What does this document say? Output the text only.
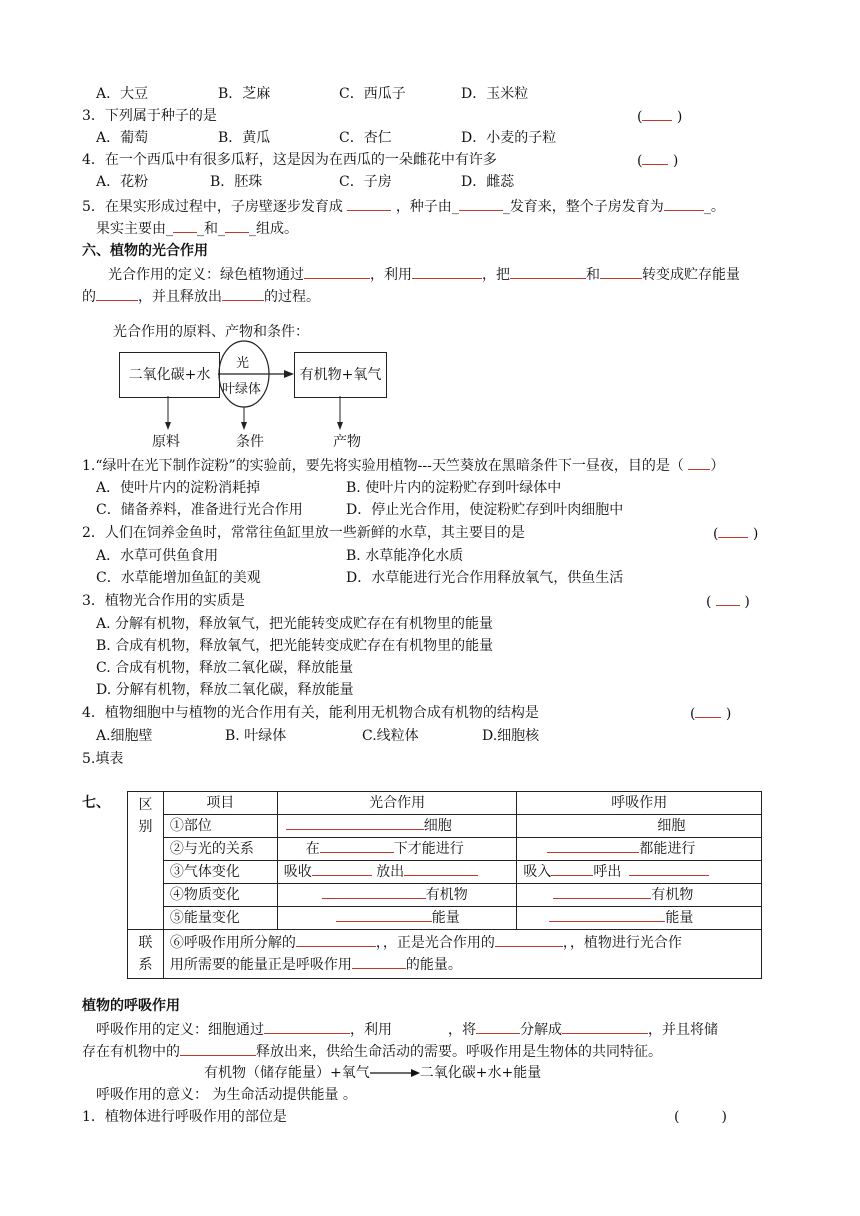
A．大豆	B．芝麻	C．西瓜子	D．玉米粒
3．下列属于种子的是	( )
A．葡萄	B．黄瓜	C．杏仁	D．小麦的子粒
4．在一个西瓜中有很多瓜籽，这是因为在西瓜的一朵雌花中有许多	( )
A．花粉	B．胚珠	C．子房	D．雌蕊
5．在果实形成过程中，子房壁逐步发育成	，种子由_	_发育来，整个子房发育为	_。
果实主要由_ _和_ _组成。
六、植物的光合作用
光合作用的定义：绿色植物通过	，利用	，把	和	转变成贮存能量
的	，并且释放出	的过程。
光合作用的原料、产物和条件：
二氧化碳+水	有机物+氧气
光
叶绿体
原料	条件	产物
1.“绿叶在光下制作淀粉”的实验前，要先将实验用植物---天竺葵放在黑暗条件下一昼夜，目的是（ ）
A．使叶片内的淀粉消耗掉	B. 使叶片内的淀粉贮存到叶绿体中
C．储备养料，准备进行光合作用	D．停止光合作用，使淀粉贮存到叶肉细胞中
2．人们在饲养金鱼时，常常往鱼缸里放一些新鲜的水草，其主要目的是	( )
A．水草可供鱼食用	B. 水草能净化水质
C．水草能增加鱼缸的美观	D．水草能进行光合作用释放氧气，供鱼生活
3．植物光合作用的实质是	( )
A. 分解有机物，释放氧气，把光能转变成贮存在有机物里的能量
B. 合成有机物，释放氧气，把光能转变成贮存在有机物里的能量
C. 合成有机物，释放二氧化碳，释放能量
D. 分解有机物，释放二氧化碳，释放能量
4．植物细胞中与植物的光合作用有关，能利用无机物合成有机物的结构是	( )
A.细胞壁	B. 叶绿体	C.线粒体	D.细胞核
5.填表
七、 区别	项目	光合作用	呼吸作用
	①部位	细胞	细胞
	②与光的关系	在 下才能进行	都能进行
	③气体变化	吸收 放出	吸入 呼出
	④物质变化	有机物	有机物
	⑤能量变化	能量	能量
联系	⑥呼吸作用所分解的 ，，正是光合作用的 ，，植物进行光合作
用所需要的能量正是呼吸作用 的能量。		
植物的呼吸作用
呼吸作用的定义：细胞通过	，利用	，将	分解成	，并且将储
存在有机物中的	释放出来，供给生命活动的需要。呼吸作用是生物体的共同特征。
有机物（储存能量）+氧气	二氧化碳+水+能量
呼吸作用的意义： 为生命活动提供能量 。
1．植物体进行呼吸作用的部位是	(	)
